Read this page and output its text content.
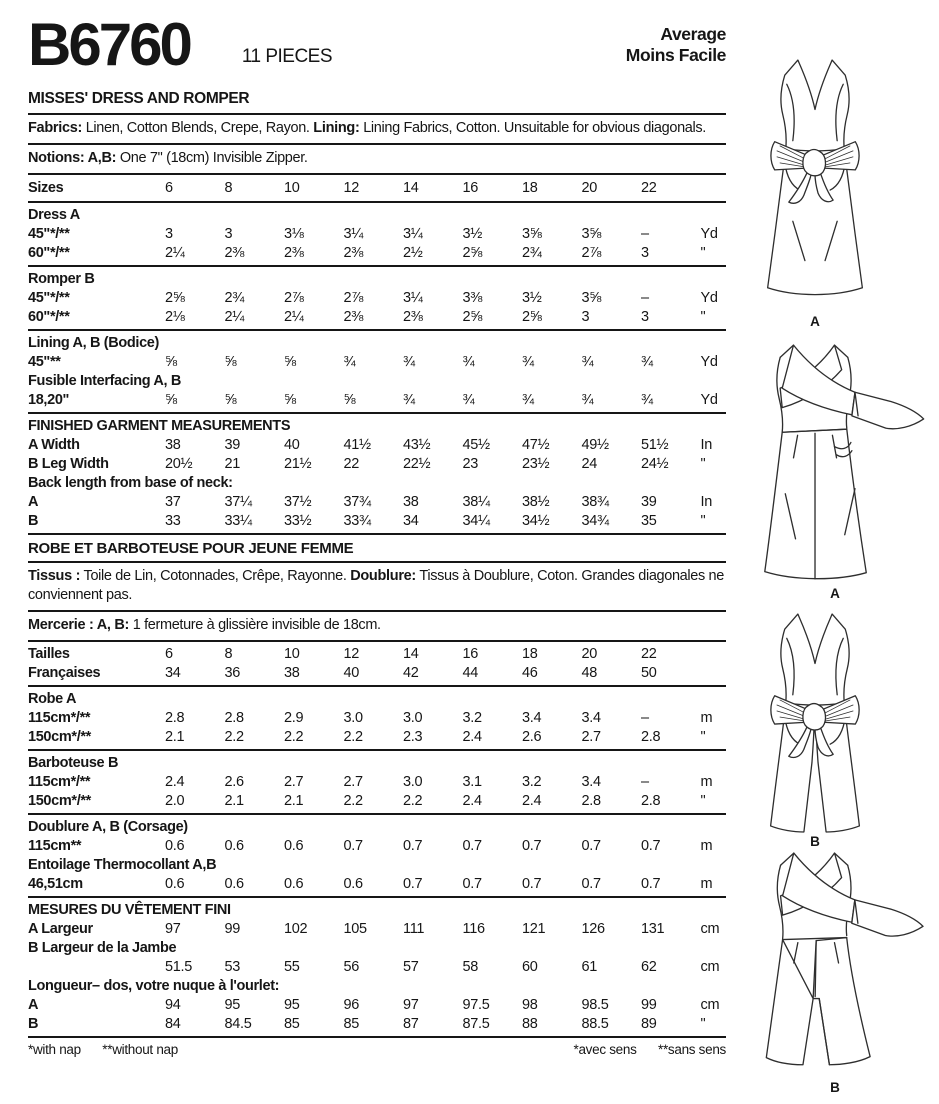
B6760	11 PIECES
Average
Moins Facile
MISSES' DRESS AND ROMPER
Fabrics: Linen, Cotton Blends, Crepe, Rayon. Lining: Lining Fabrics, Cotton. Unsuitable for obvious diagonals.
Notions: A,B: One 7" (18cm) Invisible Zipper.
Sizes	6	8	10	12	14	16	18	20	22
Dress A
45"*/**	3	3	3⅛	3¼	3¼	3½	3⅝	3⅝	–	Yd
60"*/**	2¼	2⅜	2⅜	2⅜	2½	2⅝	2¾	2⅞	3	"
Romper B
45"*/**	2⅝	2¾	2⅞	2⅞	3¼	3⅜	3½	3⅝	–	Yd
60"*/**	2⅛	2¼	2¼	2⅜	2⅜	2⅝	2⅝	3	3	"
Lining A, B (Bodice)
45"**	⅝	⅝	⅝	¾	¾	¾	¾	¾	¾	Yd
Fusible Interfacing A, B
18,20"	⅝	⅝	⅝	⅝	¾	¾	¾	¾	¾	Yd
FINISHED GARMENT MEASUREMENTS
A Width	38	39	40	41½	43½	45½	47½	49½	51½	In
B Leg Width	20½	21	21½	22	22½	23	23½	24	24½	"
Back length from base of neck:
A	37	37¼	37½	37¾	38	38¼	38½	38¾	39	In
B	33	33¼	33½	33¾	34	34¼	34½	34¾	35	"
ROBE ET BARBOTEUSE POUR JEUNE FEMME
Tissus : Toile de Lin, Cotonnades, Crêpe, Rayonne. Doublure: Tissus à Doublure, Coton. Grandes diagonales ne conviennent pas.
Mercerie : A, B: 1 fermeture à glissière invisible de 18cm.
Tailles	6	8	10	12	14	16	18	20	22
Françaises	34	36	38	40	42	44	46	48	50
Robe A
115cm*/**	2.8	2.8	2.9	3.0	3.0	3.2	3.4	3.4	–	m
150cm*/**	2.1	2.2	2.2	2.2	2.3	2.4	2.6	2.7	2.8	"
Barboteuse B
115cm*/**	2.4	2.6	2.7	2.7	3.0	3.1	3.2	3.4	–	m
150cm*/**	2.0	2.1	2.1	2.2	2.2	2.4	2.4	2.8	2.8	"
Doublure A, B (Corsage)
115cm**	0.6	0.6	0.6	0.7	0.7	0.7	0.7	0.7	0.7	m
Entoilage Thermocollant A,B
46,51cm	0.6	0.6	0.6	0.6	0.7	0.7	0.7	0.7	0.7	m
MESURES DU VÊTEMENT FINI
A Largeur	97	99	102	105	111	116	121	126	131	cm
B Largeur de la Jambe
51.5	53	55	56	57	58	60	61	62	cm
Longueur– dos, votre nuque à l'ourlet:
A	94	95	95	96	97	97.5	98	98.5	99	cm
B	84	84.5	85	85	87	87.5	88	88.5	89	"
*with nap **without nap	*avec sens **sans sens
A
A
B
B
